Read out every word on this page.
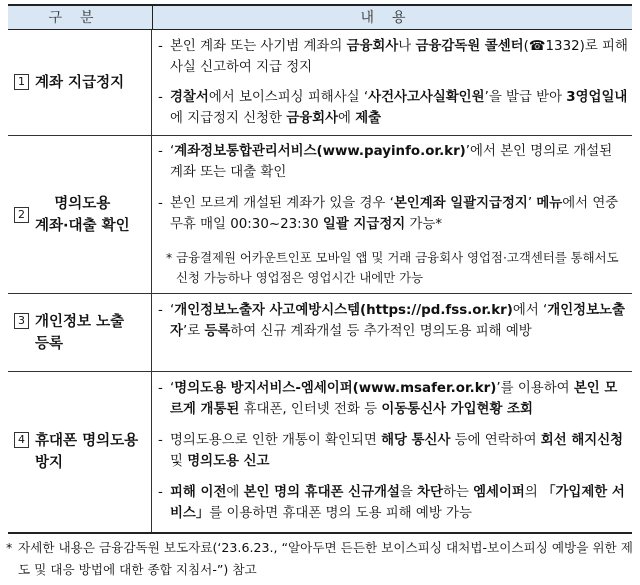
구분	내용
1 계좌 지급정지
- 본인 계좌 또는 사기범 계좌의 금융회사나 금융감독원 콜센터(☎1332)로 피해사실 신고하여 지급 정지
- 경찰서에서 보이스피싱 피해사실 ‘사건사고사실확인원’을 발급 받아 3영업일내에 지급정지 신청한 금융회사에 제출
2
명의도용
계좌·대출 확인
- ‘계좌정보통합관리서비스(www.payinfo.or.kr)’에서 본인 명의로 개설된 계좌 또는 대출 확인
- 본인 모르게 개설된 계좌가 있을 경우 ‘본인계좌 일괄지급정지’ 메뉴에서 연중무휴 매일 00:30~23:30 일괄 지급정지 가능*
* 금융결제원 어카운트인포 모바일 앱 및 거래 금융회사 영업점·고객센터를 통해서도 신청 가능하나 영업점은 영업시간 내에만 가능
3 개인정보 노출
등록
- ‘개인정보노출자 사고예방시스템(https://pd.fss.or.kr)에서 ‘개인정보노출자’로 등록하여 신규 계좌개설 등 추가적인 명의도용 피해 예방
4 휴대폰 명의도용
방지
- ‘명의도용 방지서비스-엠세이퍼(www.msafer.or.kr)’를 이용하여 본인 모르게 개통된 휴대폰, 인터넷 전화 등 이동통신사 가입현황 조회
- 명의도용으로 인한 개통이 확인되면 해당 통신사 등에 연락하여 회선 해지신청 및 명의도용 신고
- 피해 이전에 본인 명의 휴대폰 신규개설을 차단하는 엠세이퍼의 「가입제한 서비스」를 이용하면 휴대폰 명의 도용 피해 예방 가능
* 자세한 내용은 금융감독원 보도자료(‘23.6.23., “알아두면 든든한 보이스피싱 대처법-보이스피싱 예방을 위한 제도 및 대응 방법에 대한 종합 지침서-”) 참고
